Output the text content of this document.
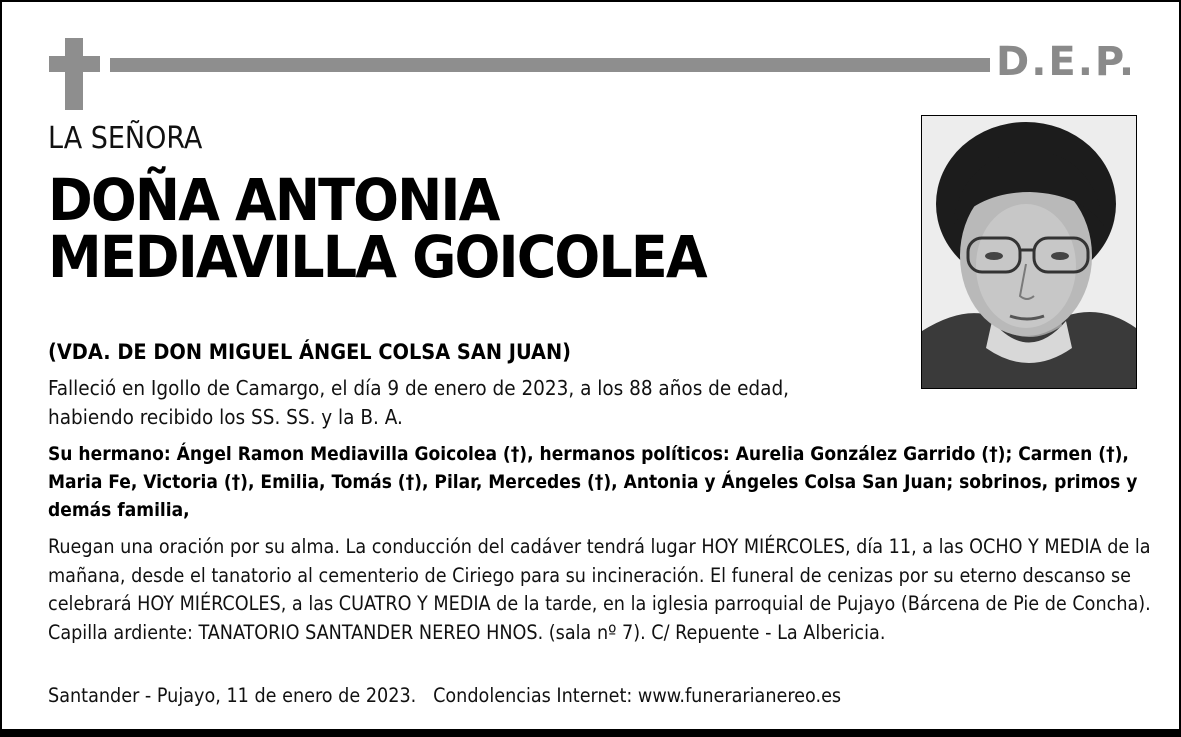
D.E.P.
LA SEÑORA
DOÑA ANTONIA
MEDIAVILLA GOICOLEA
(VDA. DE DON MIGUEL ÁNGEL COLSA SAN JUAN)
Falleció en Igollo de Camargo, el día 9 de enero de 2023, a los 88 años de edad,
habiendo recibido los SS. SS. y la B. A.
Su hermano: Ángel Ramon Mediavilla Goicolea (†), hermanos políticos: Aurelia González Garrido (†); Carmen (†), Maria Fe, Victoria (†), Emilia, Tomás (†), Pilar, Mercedes (†), Antonia y Ángeles Colsa San Juan; sobrinos, primos y demás familia,
Ruegan una oración por su alma. La conducción del cadáver tendrá lugar HOY MIÉRCOLES, día 11, a las OCHO Y MEDIA de la mañana, desde el tanatorio al cementerio de Ciriego para su incineración. El funeral de cenizas por su eterno descanso se celebrará HOY MIÉRCOLES, a las CUATRO Y MEDIA de la tarde, en la iglesia parroquial de Pujayo (Bárcena de Pie de Concha). Capilla ardiente: TANATORIO SANTANDER NEREO HNOS. (sala nº 7). C/ Repuente - La Albericia.
Santander - Pujayo, 11 de enero de 2023. Condolencias Internet: www.funerarianereo.es
